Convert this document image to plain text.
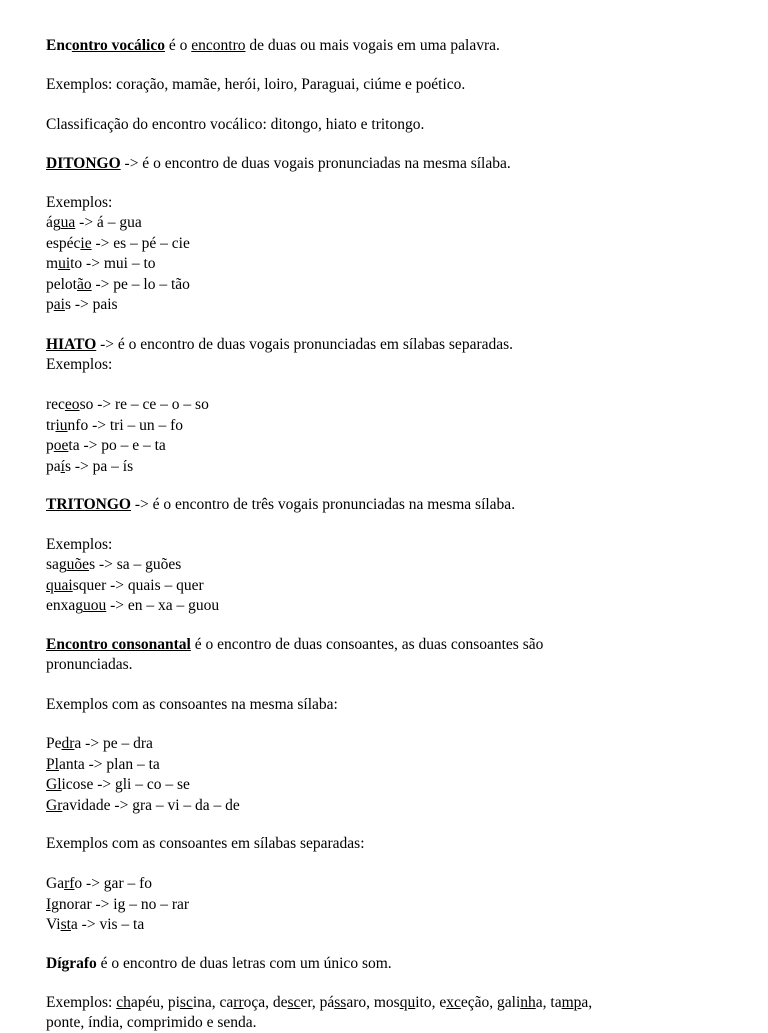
Encontro vocálico é o encontro de duas ou mais vogais em uma palavra.
Exemplos: coração, mamãe, herói, loiro, Paraguai, ciúme e poético.
Classificação do encontro vocálico: ditongo, hiato e tritongo.
DITONGO -> é o encontro de duas vogais pronunciadas na mesma sílaba.
Exemplos:
água -> á – gua
espécie -> es – pé – cie
muito -> mui – to
pelotão -> pe – lo – tão
pais -> pais
HIATO -> é o encontro de duas vogais pronunciadas em sílabas separadas.
Exemplos:
receoso -> re – ce – o – so
triunfo -> tri – un – fo
poeta -> po – e – ta
país -> pa – ís
TRITONGO -> é o encontro de três vogais pronunciadas na mesma sílaba.
Exemplos:
saguões -> sa – guões
quaisquer -> quais – quer
enxaguou -> en – xa – guou
Encontro consonantal é o encontro de duas consoantes, as duas consoantes são
pronunciadas.
Exemplos com as consoantes na mesma sílaba:
Pedra -> pe – dra
Planta -> plan – ta
Glicose -> gli – co – se
Gravidade -> gra – vi – da – de
Exemplos com as consoantes em sílabas separadas:
Garfo -> gar – fo
Ignorar -> ig – no – rar
Vista -> vis – ta
Dígrafo é o encontro de duas letras com um único som.
Exemplos: chapéu, piscina, carroça, descer, pássaro, mosquito, exceção, galinha, tampa,
ponte, índia, comprimido e senda.
